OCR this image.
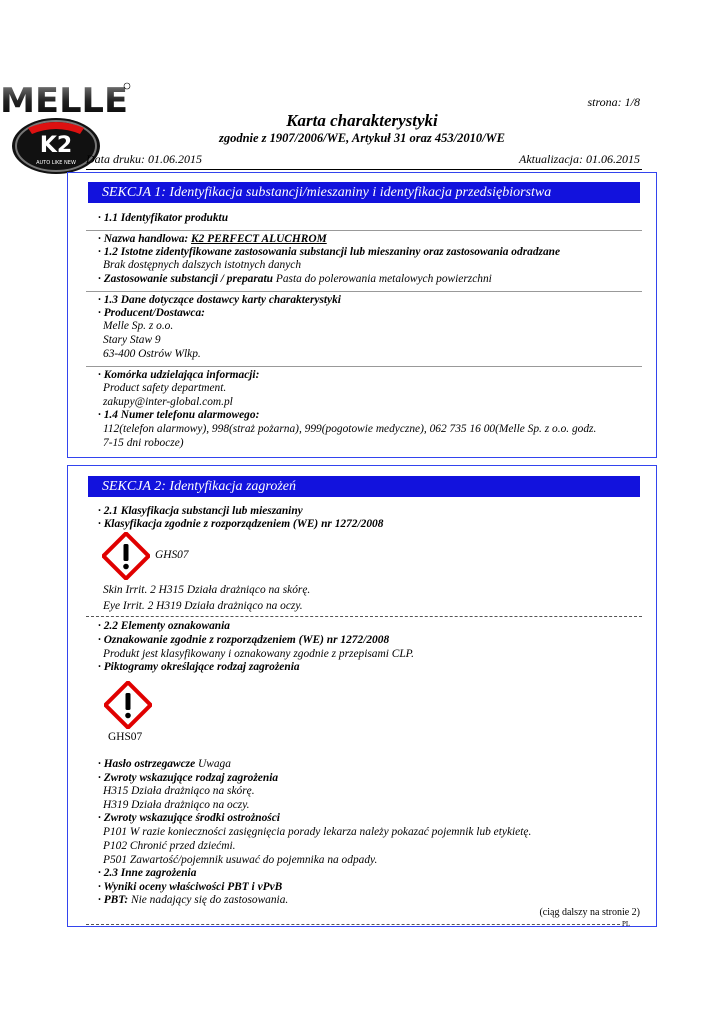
MELLE
K2
AUTO LIKE NEW
strona: 1/8
Karta charakterystyki
zgodnie z 1907/2006/WE, Artykuł 31 oraz 453/2010/WE
Data druku: 01.06.2015	Aktualizacja: 01.06.2015
SEKCJA 1: Identyfikacja substancji/mieszaniny i identyfikacja przedsiębiorstwa
· 1.1 Identyfikator produktu
· Nazwa handlowa: K2 PERFECT ALUCHROM
· 1.2 Istotne zidentyfikowane zastosowania substancji lub mieszaniny oraz zastosowania odradzane
Brak dostępnych dalszych istotnych danych
· Zastosowanie substancji / preparatu Pasta do polerowania metalowych powierzchni
· 1.3 Dane dotyczące dostawcy karty charakterystyki
· Producent/Dostawca:
Melle Sp. z o.o.
Stary Staw 9
63-400 Ostrów Wlkp.
· Komórka udzielająca informacji:
Product safety department.
zakupy@inter-global.com.pl
· 1.4 Numer telefonu alarmowego:
112(telefon alarmowy), 998(straż pożarna), 999(pogotowie medyczne), 062 735 16 00(Melle Sp. z o.o. godz.
7-15 dni robocze)
SEKCJA 2: Identyfikacja zagrożeń
· 2.1 Klasyfikacja substancji lub mieszaniny
· Klasyfikacja zgodnie z rozporządzeniem (WE) nr 1272/2008
GHS07
Skin Irrit. 2 H315 Działa drażniąco na skórę.
Eye Irrit. 2 H319 Działa drażniąco na oczy.
· 2.2 Elementy oznakowania
· Oznakowanie zgodnie z rozporządzeniem (WE) nr 1272/2008
Produkt jest klasyfikowany i oznakowany zgodnie z przepisami CLP.
· Piktogramy określające rodzaj zagrożenia
GHS07
· Hasło ostrzegawcze Uwaga
· Zwroty wskazujące rodzaj zagrożenia
H315 Działa drażniąco na skórę.
H319 Działa drażniąco na oczy.
· Zwroty wskazujące środki ostrożności
P101 W razie konieczności zasięgnięcia porady lekarza należy pokazać pojemnik lub etykietę.
P102 Chronić przed dziećmi.
P501 Zawartość/pojemnik usuwać do pojemnika na odpady.
· 2.3 Inne zagrożenia
· Wyniki oceny właściwości PBT i vPvB
· PBT: Nie nadający się do zastosowania.
(ciąg dalszy na stronie 2)
PL
